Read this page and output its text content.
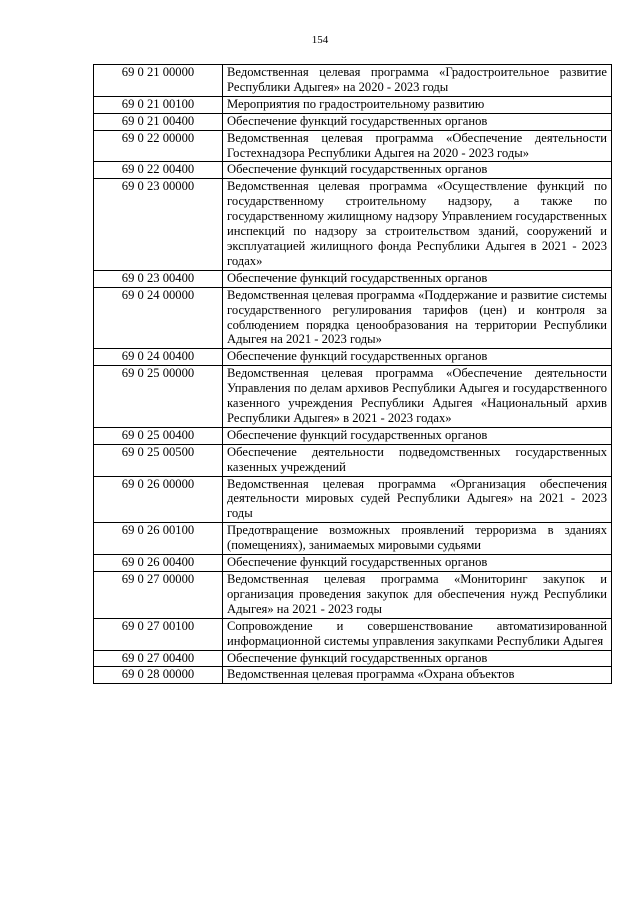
154
69 0 21 00000	Ведомственная целевая программа «Градостроительное развитие Республики Адыгея» на 2020 - 2023 годы
69 0 21 00100	Мероприятия по градостроительному развитию
69 0 21 00400	Обеспечение функций государственных органов
69 0 22 00000	Ведомственная целевая программа «Обеспечение деятельности Гостехнадзора Республики Адыгея на 2020 - 2023 годы»
69 0 22 00400	Обеспечение функций государственных органов
69 0 23 00000	Ведомственная целевая программа «Осуществление функций по государственному строительному надзору, а также по государственному жилищному надзору Управлением государственных инспекций по надзору за строительством зданий, сооружений и эксплуатацией жилищного фонда Республики Адыгея в 2021 - 2023 годах»
69 0 23 00400	Обеспечение функций государственных органов
69 0 24 00000	Ведомственная целевая программа «Поддержание и развитие системы государственного регулирования тарифов (цен) и контроля за соблюдением порядка ценообразования на территории Республики Адыгея на 2021 - 2023 годы»
69 0 24 00400	Обеспечение функций государственных органов
69 0 25 00000	Ведомственная целевая программа «Обеспечение деятельности Управления по делам архивов Республики Адыгея и государственного казенного учреждения Республики Адыгея «Национальный архив Республики Адыгея» в 2021 - 2023 годах»
69 0 25 00400	Обеспечение функций государственных органов
69 0 25 00500	Обеспечение деятельности подведомственных государственных казенных учреждений
69 0 26 00000	Ведомственная целевая программа «Организация обеспечения деятельности мировых судей Республики Адыгея» на 2021 - 2023 годы
69 0 26 00100	Предотвращение возможных проявлений терроризма в зданиях (помещениях), занимаемых мировыми судьями
69 0 26 00400	Обеспечение функций государственных органов
69 0 27 00000	Ведомственная целевая программа «Мониторинг закупок и организация проведения закупок для обеспечения нужд Республики Адыгея» на 2021 - 2023 годы
69 0 27 00100	Сопровождение и совершенствование автоматизированной информационной системы управления закупками Республики Адыгея
69 0 27 00400	Обеспечение функций государственных органов
69 0 28 00000	Ведомственная целевая программа «Охрана объектов
